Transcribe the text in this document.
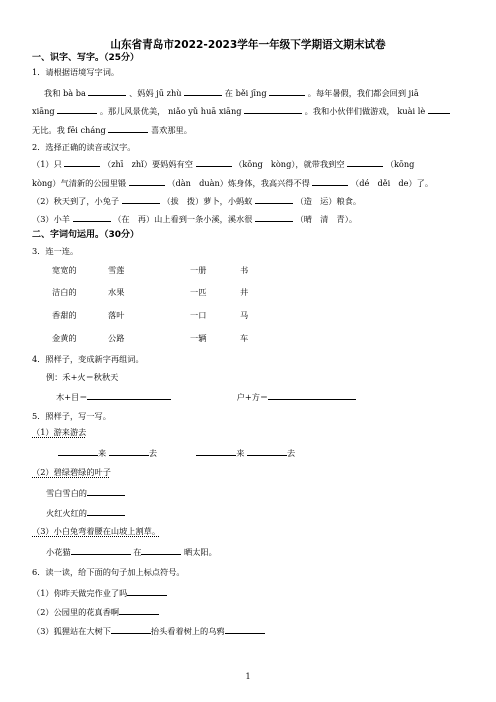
山东省青岛市2022-2023学年一年级下学期语文期末试卷
一、识字、写字。（25分）
1．请根据语境写字词。
我和 bà ba	、妈妈 jū zhù	在 běi jīng	。每年暑假，我们都会回到 jiā
xiāng	。那儿风景优美， niǎo yǔ huā xiāng	。我和小伙伴们做游戏， kuài lè
无比。我 fēi cháng	喜欢那里。
2．选择正确的读音或汉字。
（1）只	（zhī　zhǐ）要妈妈有空	（kōng　kòng），就带我到空	（kōng
kòng）气清新的公园里锻	（dàn　duàn）炼身体，我高兴得不得	（dé　děi　de）了。
（2）秋天到了，小兔子	（拔　拨）萝卜，小蚂蚁	（造　运）粮食。
（3）小羊	（在　再）山上看到一条小溪，溪水很	（晴　清　青）。
二、字词句运用。（30分）
3．连一连。
宽宽的	雪莲	一册	书
洁白的	水果	一匹	井
香甜的	落叶	一口	马
金黄的	公路	一辆	车
4．照样子，变成新字再组词。
例：禾+火＝秋秋天
木+目＝	户+方＝
5．照样子，写一写。
（1）游来游去
来	去	来	去
（2）碧绿碧绿的叶子
雪白雪白的
火红火红的
（3）小白兔弯着腰在山坡上割草。
小花猫	在	晒太阳。
6．读一读，给下面的句子加上标点符号。
（1）你昨天做完作业了吗
（2）公园里的花真香啊
（3）狐狸站在大树下	抬头看着树上的乌鸦
1
